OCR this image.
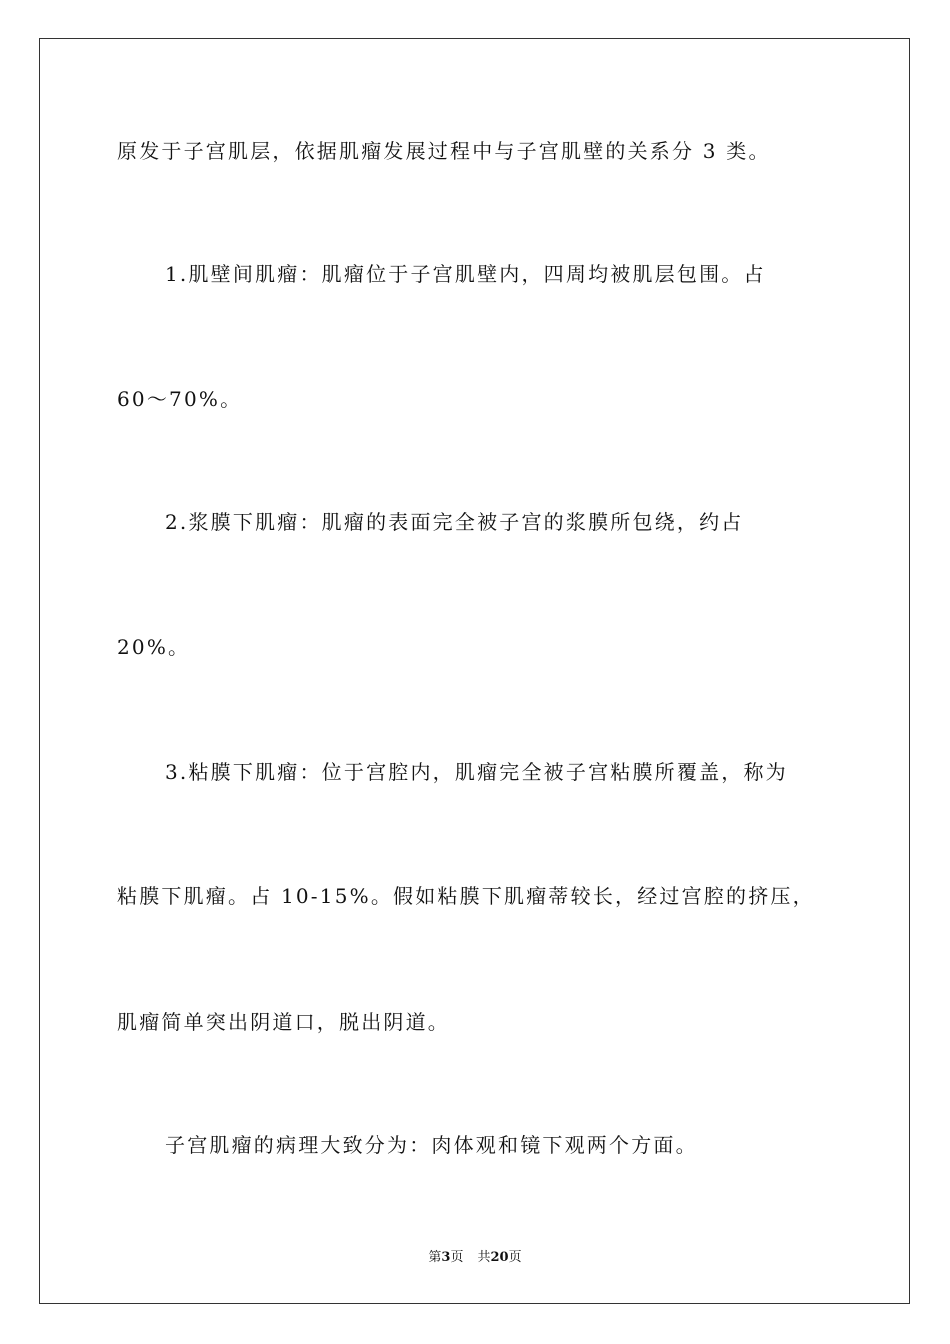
原发于子宫肌层，依据肌瘤发展过程中与子宫肌壁的关系分 3 类。
1.肌壁间肌瘤：肌瘤位于子宫肌壁内，四周均被肌层包围。占
60～70%。
2.浆膜下肌瘤：肌瘤的表面完全被子宫的浆膜所包绕，约占
20%。
3.粘膜下肌瘤：位于宫腔内，肌瘤完全被子宫粘膜所覆盖，称为
粘膜下肌瘤。占 10-15%。假如粘膜下肌瘤蒂较长，经过宫腔的挤压，
肌瘤简单突出阴道口，脱出阴道。
子宫肌瘤的病理大致分为：肉体观和镜下观两个方面。
第3页 共20页
